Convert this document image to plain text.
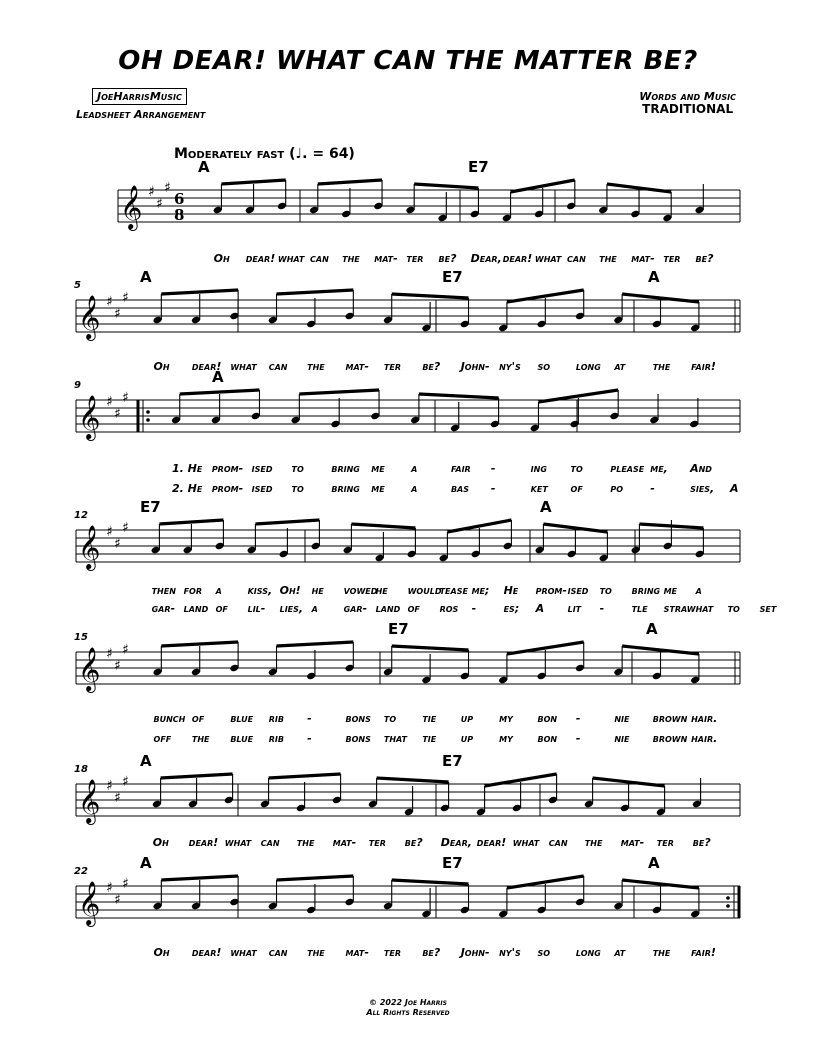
OH DEAR! WHAT CAN THE MATTER BE?
JoeHarrisMusic
Leadsheet Arrangement
Words and Music
TRADITIONAL
Moderately fast (♩. = 64)
𝄞 ♯
♯
♯
6
8
A	E7
Oh dear! what can the mat- ter be? Dear, dear! what can the mat- ter be?
𝄞 ♯
♯
♯
5	A	E7	A
Oh dear! what can the mat- ter be? John- ny's so long at	the fair!
𝄞 ♯
♯
♯
9	A
1. He prom- ised to	bring me a	fair -	ing to	please me, And
2. He prom- ised to	bring me a	bas -	ket of	po -	sies, A
𝄞 ♯
♯
♯
12	E7	A
then for a kiss, Oh! he vowed
he would
tease me; He prom- ised to bring me a
gar- land of lil- lies, a gar- land of ros - es; A lit - tle straw hat to set
𝄞 ♯
♯
♯
15	E7	A
bunch of blue rib -	bons to tie up my bon -	nie brown hair.
off the blue rib -	bons that tie up my bon -	nie brown hair.
𝄞 ♯
♯
♯
18	A	E7
Oh dear! what can the mat- ter be? Dear, dear! what can the mat- ter be?
𝄞 ♯
♯
♯
22	A	E7	A
Oh dear! what can the mat- ter be? John- ny's so long at	the fair!
© 2022 Joe Harris
All Rights Reserved
